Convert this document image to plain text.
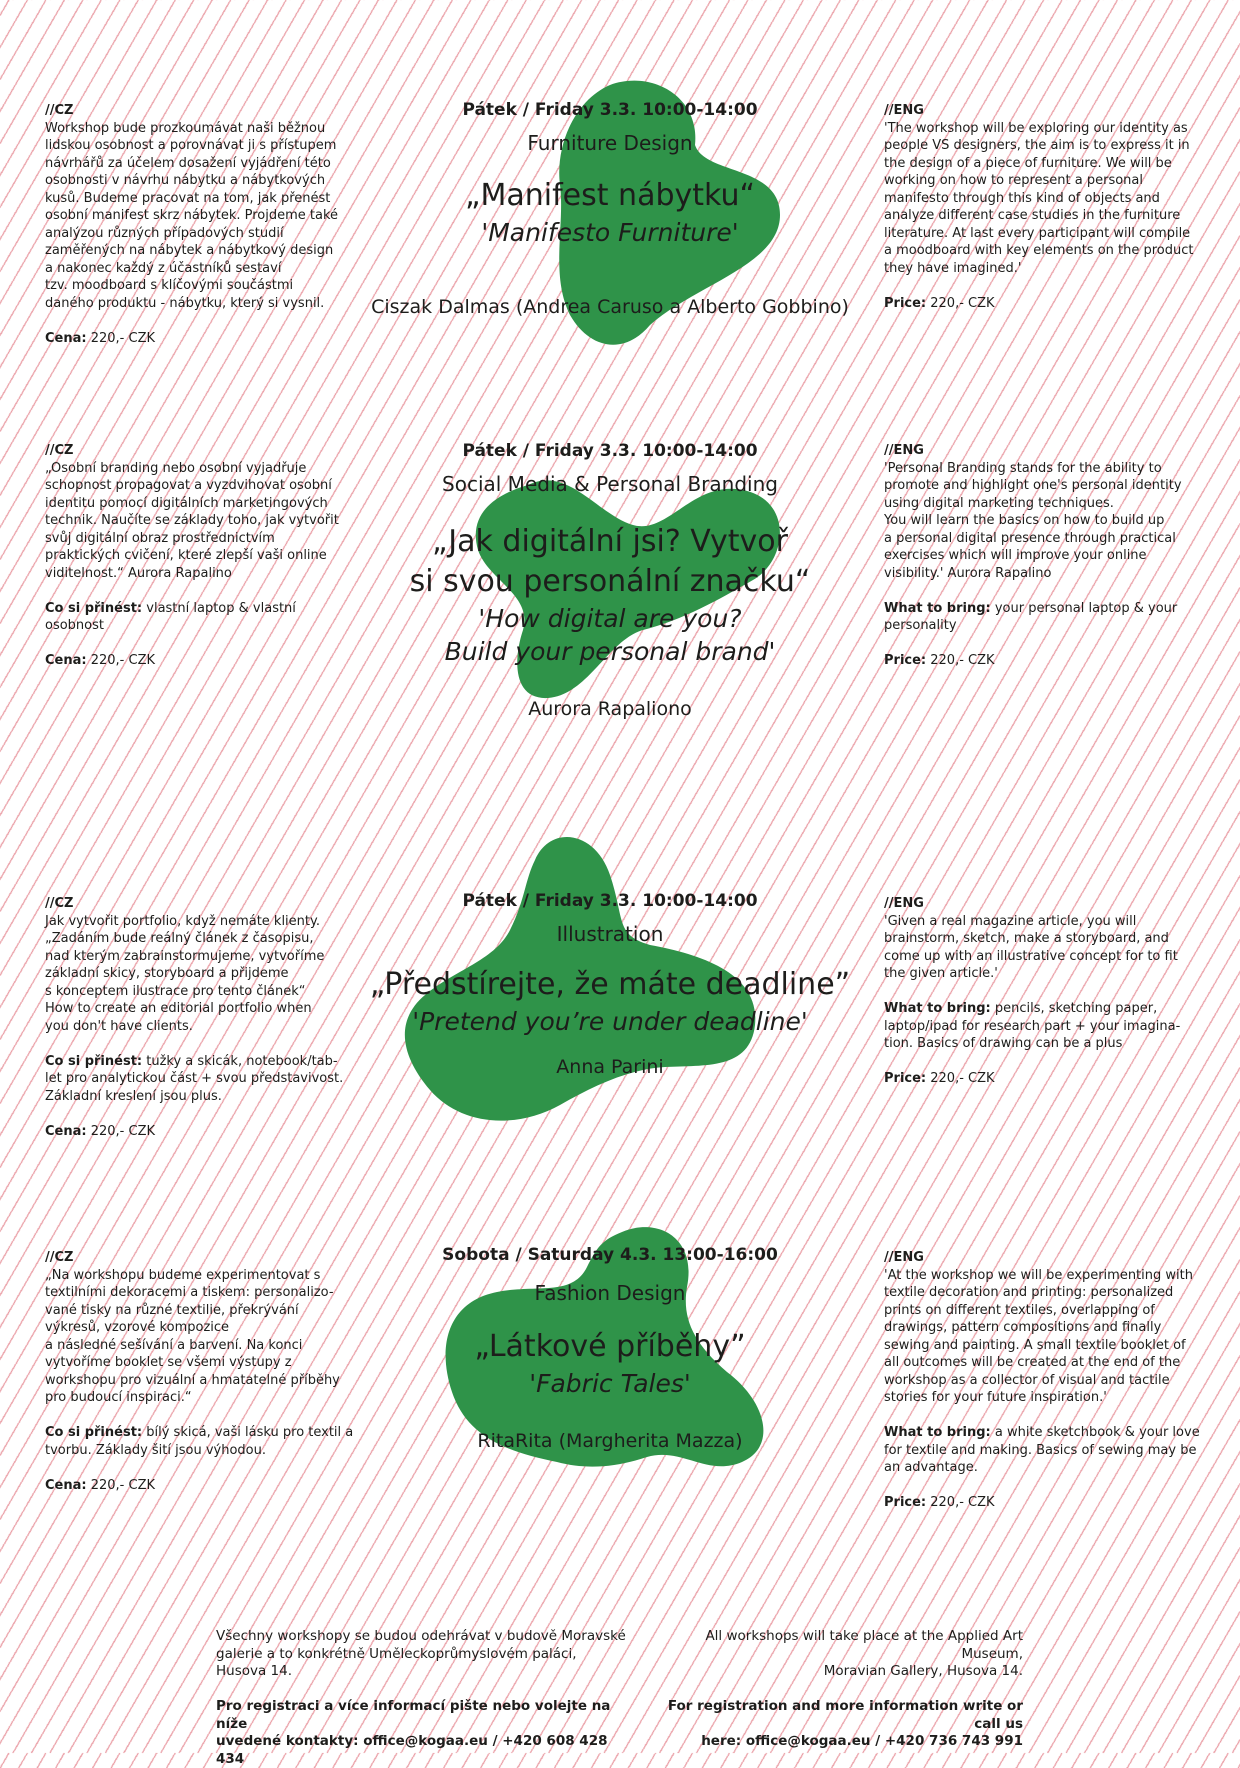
//CZ
Workshop bude prozkoumávat naši běžnou
lidskou osobnost a porovnávat ji s přístupem
návrhářů za účelem dosažení vyjádření této
osobnosti v návrhu nábytku a nábytkových
kusů. Budeme pracovat na tom, jak přenést
osobní manifest skrz nábytek. Projdeme také
analýzou různých případových studií
zaměřených na nábytek a nábytkový design
a nakonec každý z účastníků sestaví
tzv. moodboard s klíčovými součástmi
daného produktu - nábytku, který si vysnil.
Cena: 220,- CZK
Pátek / Friday 3.3. 10:00-14:00
Furniture Design
„Manifest nábytku“
'Manifesto Furniture'
Ciszak Dalmas (Andrea Caruso a Alberto Gobbino)
//ENG
'The workshop will be exploring our identity as
people VS designers, the aim is to express it in
the design of a piece of furniture. We will be
working on how to represent a personal
manifesto through this kind of objects and
analyze different case studies in the furniture
literature. At last every participant will compile
a moodboard with key elements on the product
they have imagined.'
Price: 220,- CZK
//CZ
„Osobní branding nebo osobní vyjadřuje
schopnost propagovat a vyzdvihovat osobní
identitu pomocí digitálních marketingových
technik. Naučíte se základy toho, jak vytvořit
svůj digitální obraz prostřednictvím
praktických cvičení, které zlepší vaši online
viditelnost.“ Aurora Rapalino
Co si přinést: vlastní laptop & vlastní
osobnost
Cena: 220,- CZK
Pátek / Friday 3.3. 10:00-14:00
Social Media & Personal Branding
„Jak digitální jsi? Vytvoř
si svou personální značku“
'How digital are you?
Build your personal brand'
Aurora Rapaliono
//ENG
'Personal Branding stands for the ability to
promote and highlight one's personal identity
using digital marketing techniques.
You will learn the basics on how to build up
a personal digital presence through practical
exercises which will improve your online
visibility.' Aurora Rapalino
What to bring: your personal laptop & your
personality
Price: 220,- CZK
//CZ
Jak vytvořit portfolio, když nemáte klienty.
„Zadáním bude reálný článek z časopisu,
nad kterým zabrainstormujeme, vytvoříme
základní skicy, storyboard a přijdeme
s konceptem ilustrace pro tento článek“
How to create an editorial portfolio when
you don't have clients.
Co si přinést: tužky a skicák, notebook/tab-
let pro analytickou část + svou představivost.
Základní kreslení jsou plus.
Cena: 220,- CZK
Pátek / Friday 3.3. 10:00-14:00
Illustration
„Předstírejte, že máte deadline”
'Pretend you’re under deadline'
Anna Parini
//ENG
'Given a real magazine article, you will
brainstorm, sketch, make a storyboard, and
come up with an illustrative concept for to fit
the given article.'
What to bring: pencils, sketching paper,
laptop/ipad for research part + your imagina-
tion. Basics of drawing can be a plus
Price: 220,- CZK
//CZ
„Na workshopu budeme experimentovat s
textilními dekoracemi a tiskem: personalizo-
vané tisky na různé textilie, překrývání
výkresů, vzorové kompozice
a následné sešívání a barvení. Na konci
vytvoříme booklet se všemi výstupy z
workshopu pro vizuální a hmatatelné příběhy
pro budoucí inspiraci.“
Co si přinést: bílý skicá, vaši lásku pro textil a
tvorbu. Základy šití jsou výhodou.
Cena: 220,- CZK
Sobota / Saturday 4.3. 13:00-16:00
Fashion Design
„Látkové příběhy”
'Fabric Tales'
RitaRita (Margherita Mazza)
//ENG
'At the workshop we will be experimenting with
textile decoration and printing: personalized
prints on different textiles, overlapping of
drawings, pattern compositions and finally
sewing and painting. A small textile booklet of
all outcomes will be created at the end of the
workshop as a collector of visual and tactile
stories for your future inspiration.'
What to bring: a white sketchbook & your love
for textile and making. Basics of sewing may be
an advantage.
Price: 220,- CZK
Všechny workshopy se budou odehrávat v budově Moravské
galerie a to konkrétně Uměleckoprůmyslovém paláci,
Husova 14.
Pro registraci a více informací pište nebo volejte na níže
uvedené kontakty: office@kogaa.eu / +420 608 428 434
All workshops will take place at the Applied Art Museum,
Moravian Gallery, Husova 14.
For registration and more information write or call us
here: office@kogaa.eu / +420 736 743 991
